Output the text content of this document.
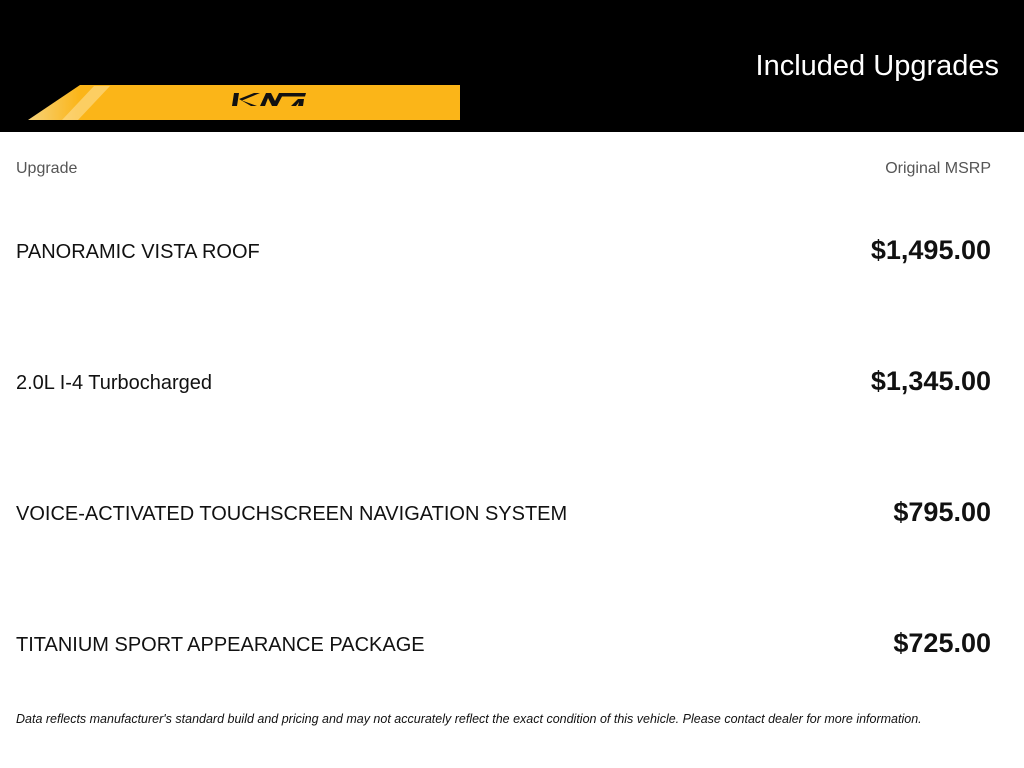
Included Upgrades
Upgrade	Original MSRP
PANORAMIC VISTA ROOF	$1,495.00
2.0L I-4 Turbocharged	$1,345.00
VOICE-ACTIVATED TOUCHSCREEN NAVIGATION SYSTEM	$795.00
TITANIUM SPORT APPEARANCE PACKAGE	$725.00
Data reflects manufacturer's standard build and pricing and may not accurately reflect the exact condition of this vehicle. Please contact dealer for more information.
